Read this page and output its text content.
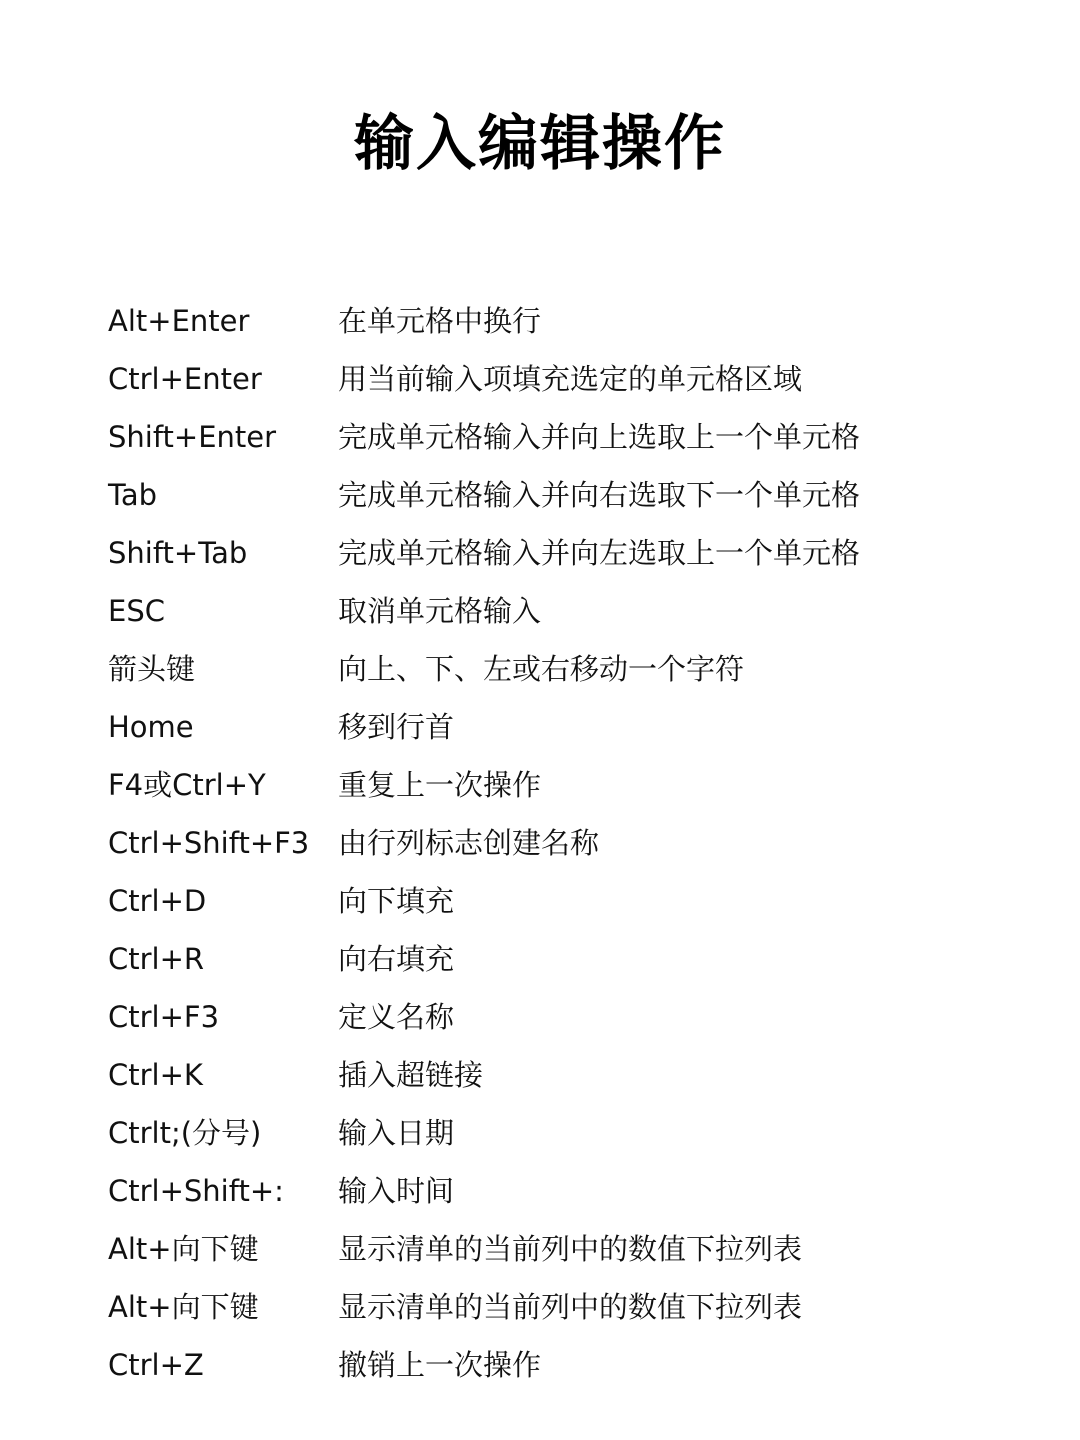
输入编辑操作
Alt+Enter	在单元格中换行
Ctrl+Enter	用当前输入项填充选定的单元格区域
Shift+Enter	完成单元格输入并向上选取上一个单元格
Tab	完成单元格输入并向右选取下一个单元格
Shift+Tab	完成单元格输入并向左选取上一个单元格
ESC	取消单元格输入
箭头键	向上、下、左或右移动一个字符
Home	移到行首
F4或Ctrl+Y	重复上一次操作
Ctrl+Shift+F3 由行列标志创建名称
Ctrl+D	向下填充
Ctrl+R	向右填充
Ctrl+F3	定义名称
Ctrl+K	插入超链接
Ctrlt;(分号)	输入日期
Ctrl+Shift+:	输入时间
Alt+向下键	显示清单的当前列中的数值下拉列表
Alt+向下键	显示清单的当前列中的数值下拉列表
Ctrl+Z	撤销上一次操作
